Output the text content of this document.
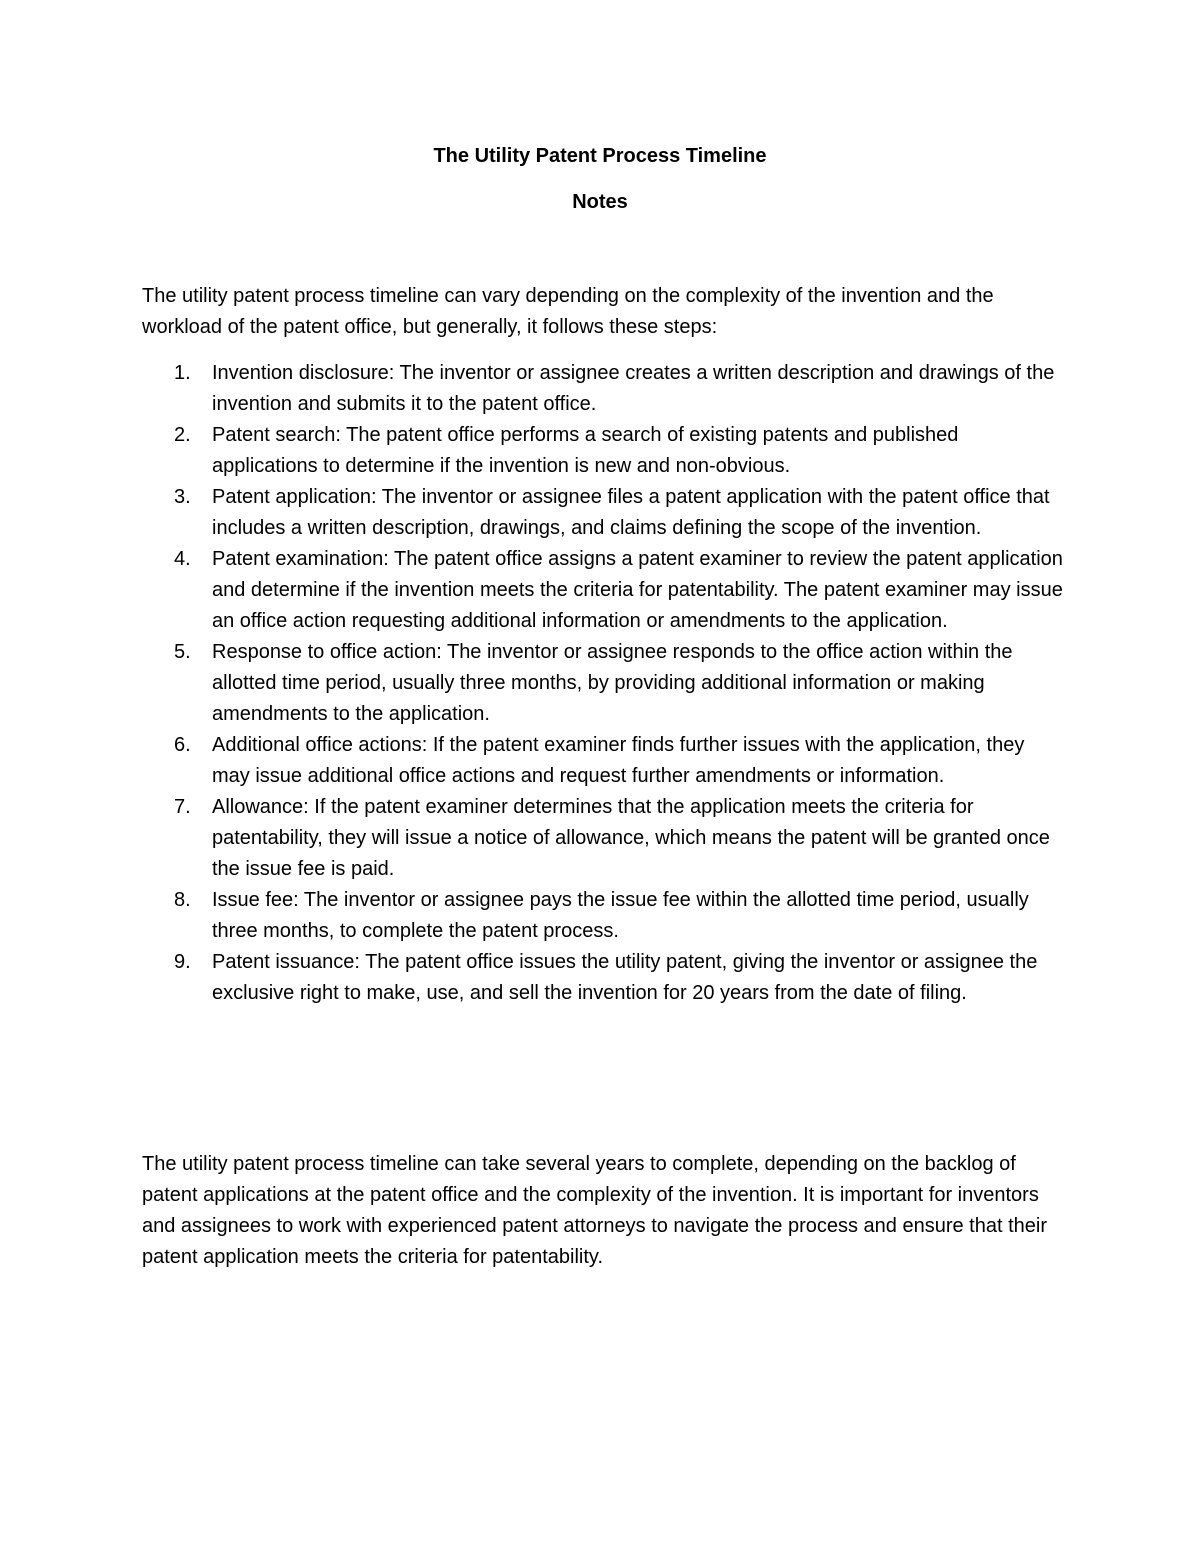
The Utility Patent Process Timeline
Notes

The utility patent process timeline can vary depending on the complexity of the invention and the workload of the patent office, but generally, it follows these steps:

1. Invention disclosure: The inventor or assignee creates a written description and drawings of the invention and submits it to the patent office.
2. Patent search: The patent office performs a search of existing patents and published applications to determine if the invention is new and non-obvious.
3. Patent application: The inventor or assignee files a patent application with the patent office that includes a written description, drawings, and claims defining the scope of the invention.
4. Patent examination: The patent office assigns a patent examiner to review the patent application and determine if the invention meets the criteria for patentability. The patent examiner may issue an office action requesting additional information or amendments to the application.
5. Response to office action: The inventor or assignee responds to the office action within the allotted time period, usually three months, by providing additional information or making amendments to the application.
6. Additional office actions: If the patent examiner finds further issues with the application, they may issue additional office actions and request further amendments or information.
7. Allowance: If the patent examiner determines that the application meets the criteria for patentability, they will issue a notice of allowance, which means the patent will be granted once the issue fee is paid.
8. Issue fee: The inventor or assignee pays the issue fee within the allotted time period, usually three months, to complete the patent process.
9. Patent issuance: The patent office issues the utility patent, giving the inventor or assignee the exclusive right to make, use, and sell the invention for 20 years from the date of filing.

The utility patent process timeline can take several years to complete, depending on the backlog of patent applications at the patent office and the complexity of the invention. It is important for inventors and assignees to work with experienced patent attorneys to navigate the process and ensure that their patent application meets the criteria for patentability.
